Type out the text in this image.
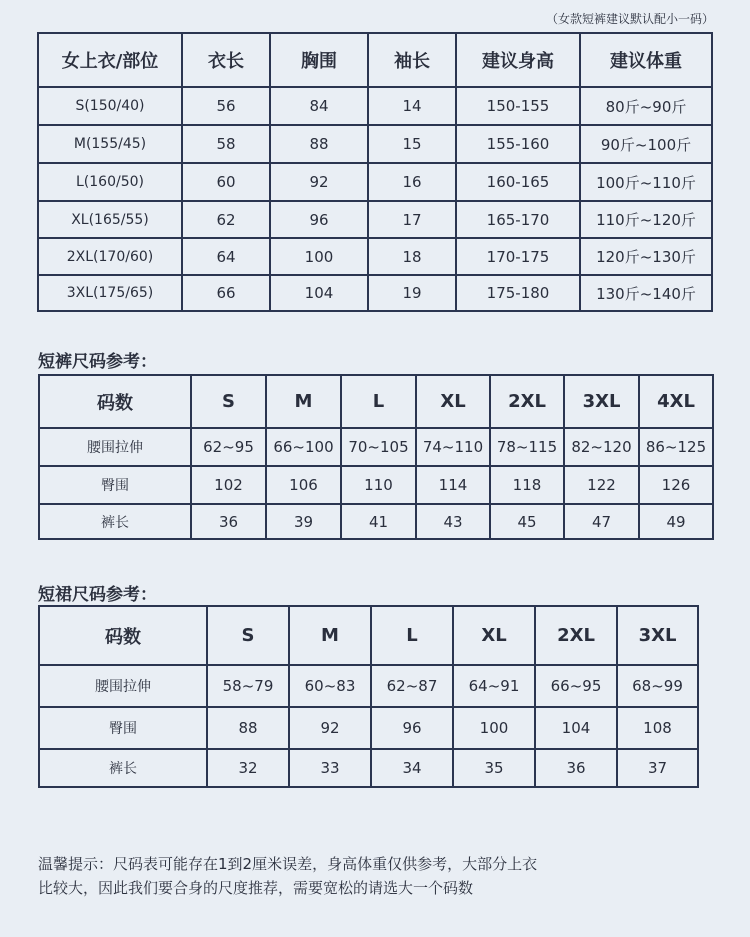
（女款短裤建议默认配小一码）
女上衣/部位	衣长	胸围	袖长	建议身高	建议体重
S(150/40)	56	84	14	150-155	80斤~90斤
M(155/45)	58	88	15	155-160	90斤~100斤
L(160/50)	60	92	16	160-165	100斤~110斤
XL(165/55)	62	96	17	165-170	110斤~120斤
2XL(170/60)	64	100	18	170-175	120斤~130斤
3XL(175/65)	66	104	19	175-180	130斤~140斤
短裤尺码参考：
码数	S	M	L	XL	2XL	3XL	4XL
腰围拉伸	62~95	66~100	70~105	74~110	78~115	82~120	86~125
臀围	102	106	110	114	118	122	126
裤长	36	39	41	43	45	47	49
短裙尺码参考：
码数	S	M	L	XL	2XL	3XL
腰围拉伸	58~79	60~83	62~87	64~91	66~95	68~99
臀围	88	92	96	100	104	108
裤长	32	33	34	35	36	37
温馨提示：尺码表可能存在1到2厘米误差，身高体重仅供参考，大部分上衣
比较大，因此我们要合身的尺度推荐，需要宽松的请选大一个码数
